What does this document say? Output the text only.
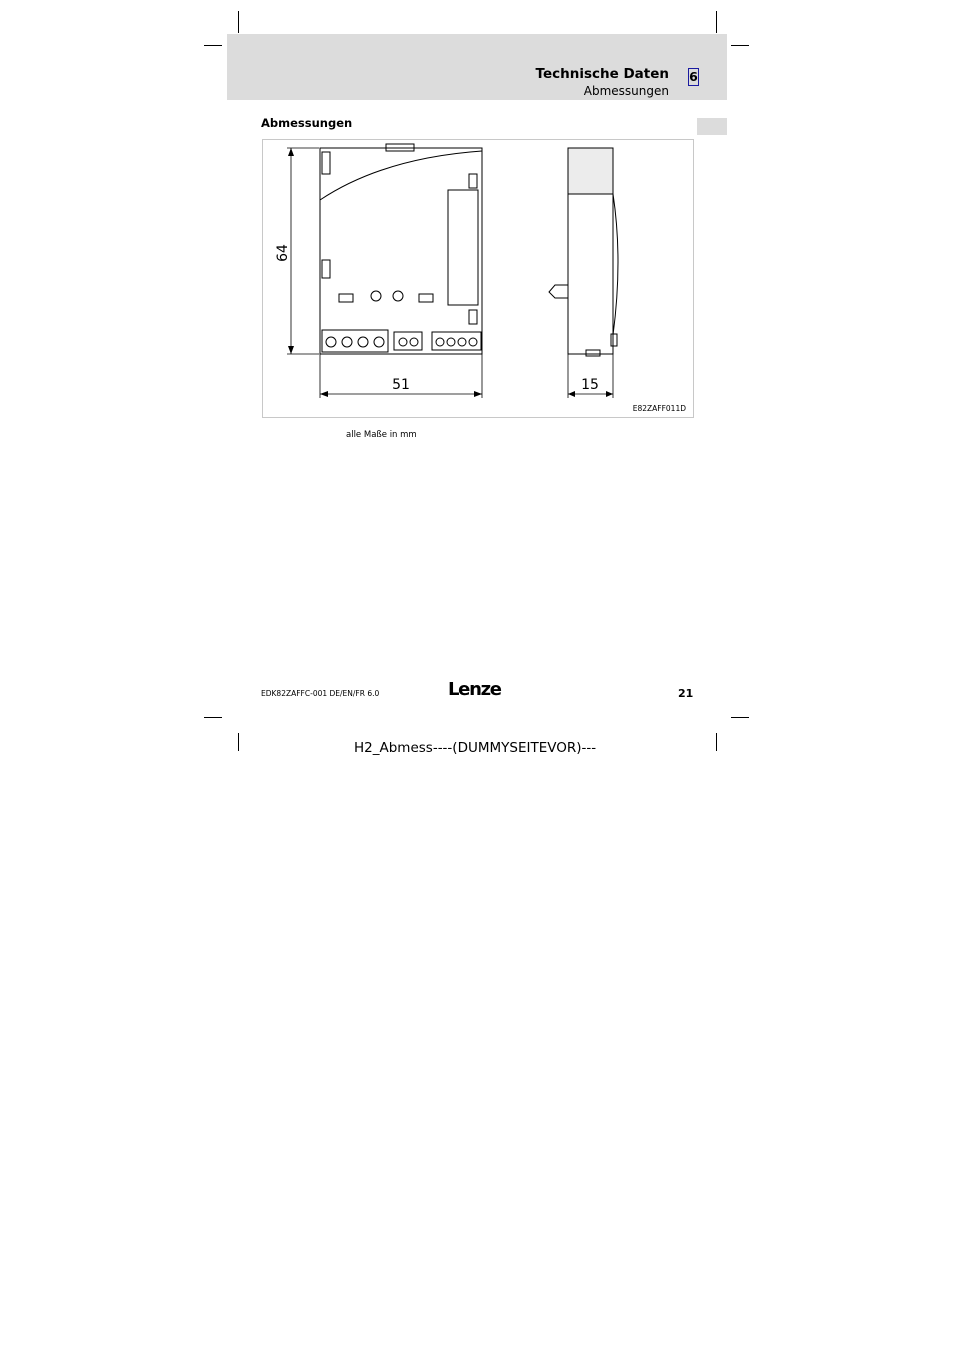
Technische Daten
Abmessungen
6
Abmessungen
64
51	15
E82ZAFF011D
alle Maße in mm
EDK82ZAFFC-001 DE/EN/FR 6.0	Lenze	21
H2_Abmess----(DUMMYSEITEVOR)---
